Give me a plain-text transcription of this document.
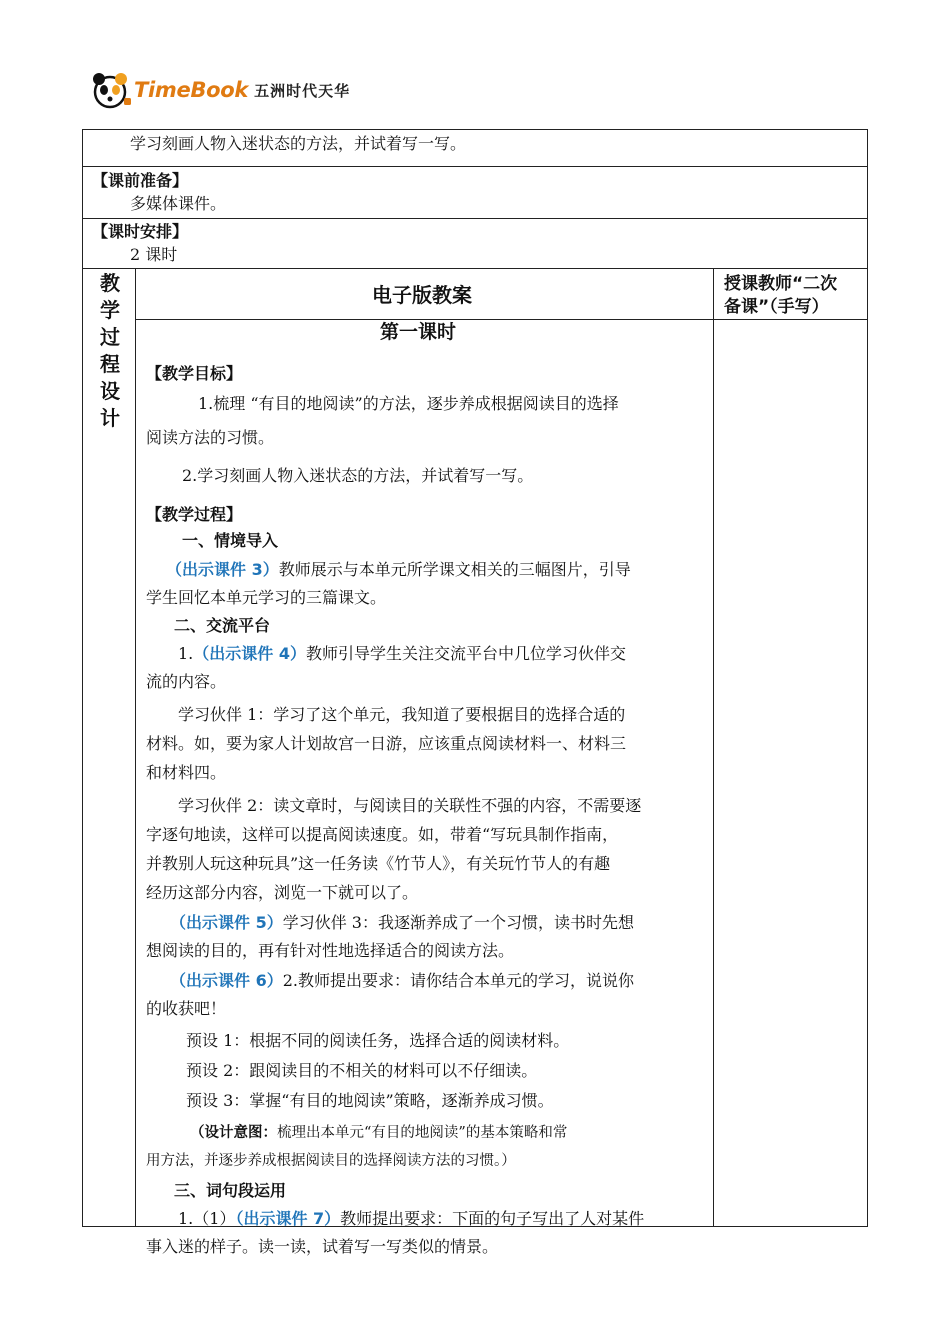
TimeBook 五洲时代天华
学习刻画人物入迷状态的方法，并试着写一写。
【课前准备】
多媒体课件。
【课时安排】
2 课时
教
学
过
程
设
计
电子版教案	授课教师“二次
备课”（手写）
第一课时

【教学目标】

1.梳理 “有目的地阅读”的方法，逐步养成根据阅读目的选择

阅读方法的习惯。

2.学习刻画人物入迷状态的方法，并试着写一写。

【教学过程】

一、情境导入

（出示课件 3）教师展示与本单元所学课文相关的三幅图片，引导

学生回忆本单元学习的三篇课文。

二、交流平台

1.（出示课件 4）教师引导学生关注交流平台中几位学习伙伴交

流的内容。

学习伙伴 1：学习了这个单元，我知道了要根据目的选择合适的

材料。如，要为家人计划故宫一日游，应该重点阅读材料一、材料三

和材料四。

学习伙伴 2：读文章时，与阅读目的关联性不强的内容，不需要逐

字逐句地读，这样可以提高阅读速度。如，带着“写玩具制作指南，

并教别人玩这种玩具”这一任务读《竹节人》，有关玩竹节人的有趣

经历这部分内容，浏览一下就可以了。

（出示课件 5）学习伙伴 3：我逐渐养成了一个习惯，读书时先想

想阅读的目的，再有针对性地选择适合的阅读方法。

（出示课件 6）2.教师提出要求：请你结合本单元的学习，说说你

的收获吧！

预设 1：根据不同的阅读任务，选择合适的阅读材料。

预设 2：跟阅读目的不相关的材料可以不仔细读。

预设 3：掌握“有目的地阅读”策略，逐渐养成习惯。

（设计意图：梳理出本单元“有目的地阅读”的基本策略和常

用方法，并逐步养成根据阅读目的选择阅读方法的习惯。）

三、词句段运用

1.（1）（出示课件 7）教师提出要求：下面的句子写出了人对某件

事入迷的样子。读一读，试着写一写类似的情景。
